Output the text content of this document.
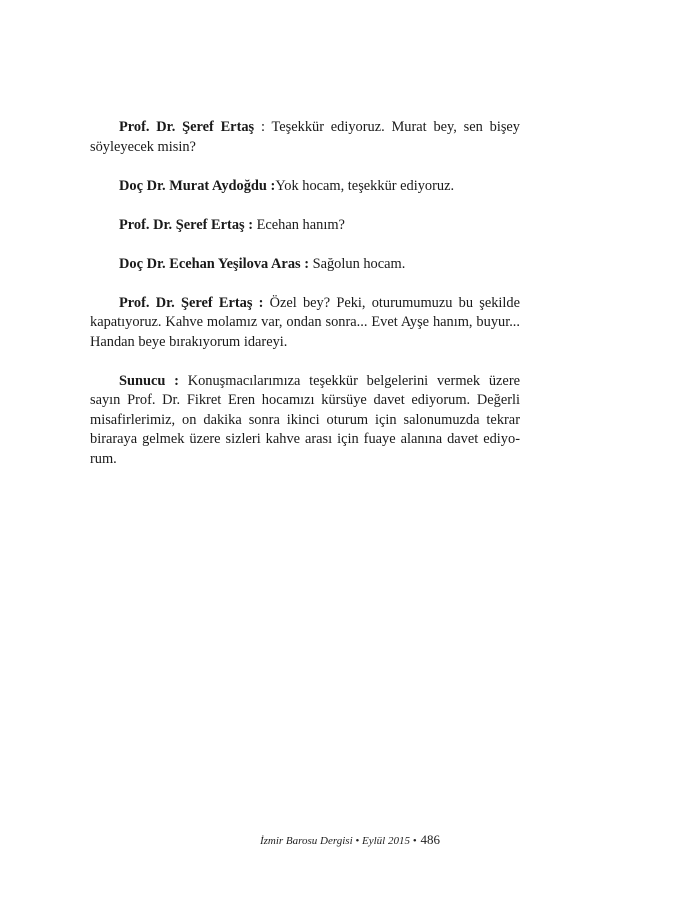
Prof. Dr. Şeref Ertaş : Teşekkür ediyoruz. Murat bey, sen bişey söyleyecek misin?

Doç Dr. Murat Aydoğdu :Yok hocam, teşekkür ediyoruz.

Prof. Dr. Şeref Ertaş : Ecehan hanım?

Doç Dr. Ecehan Yeşilova Aras : Sağolun hocam.

Prof. Dr. Şeref Ertaş : Özel bey? Peki, oturumumuzu bu şekilde kapatıyoruz. Kahve molamız var, ondan sonra... Evet Ayşe hanım, buyur... Handan beye bırakıyorum idareyi.

Sunucu : Konuşmacılarımıza teşekkür belgelerini vermek üzere sayın Prof. Dr. Fikret Eren hocamızı kürsüye davet ediyorum. Değerli misafirlerimiz, on dakika sonra ikinci oturum için salonumuzda tekrar biraraya gelmek üzere sizleri kahve arası için fuaye alanına davet ediyorum.

İzmir Barosu Dergisi • Eylül 2015 • 486
